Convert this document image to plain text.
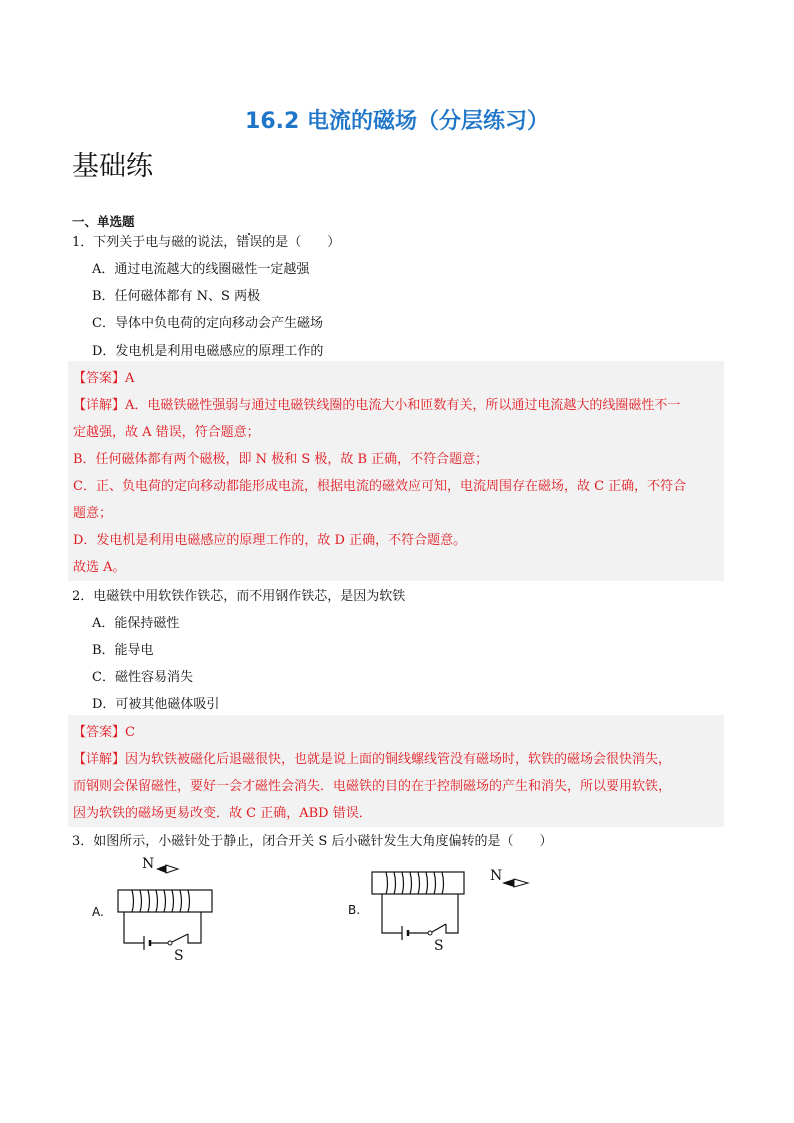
16.2 电流的磁场（分层练习）
基础练
一、单选题
1．下列关于电与磁的说法，错误的是（　　）
A．通过电流越大的线圈磁性一定越强
B．任何磁体都有 N、S 两极
C．导体中负电荷的定向移动会产生磁场
D．发电机是利用电磁感应的原理工作的
【答案】A
【详解】A．电磁铁磁性强弱与通过电磁铁线圈的电流大小和匝数有关，所以通过电流越大的线圈磁性不一
定越强，故 A 错误，符合题意；
B．任何磁体都有两个磁极，即 N 极和 S 极，故 B 正确，不符合题意；
C．正、负电荷的定向移动都能形成电流，根据电流的磁效应可知，电流周围存在磁场，故 C 正确，不符合
题意；
D．发电机是利用电磁感应的原理工作的，故 D 正确，不符合题意。
故选 A。
2．电磁铁中用软铁作铁芯，而不用钢作铁芯，是因为软铁
A．能保持磁性
B．能导电
C．磁性容易消失
D．可被其他磁体吸引
【答案】C
【详解】因为软铁被磁化后退磁很快，也就是说上面的铜线螺线管没有磁场时，软铁的磁场会很快消失，
而钢则会保留磁性，要好一会才磁性会消失．电磁铁的目的在于控制磁场的产生和消失，所以要用软铁，
因为软铁的磁场更易改变．故 C 正确，ABD 错误．
3．如图所示，小磁针处于静止，闭合开关 S 后小磁针发生大角度偏转的是（　　）
A.
N
S
B.
N
S
